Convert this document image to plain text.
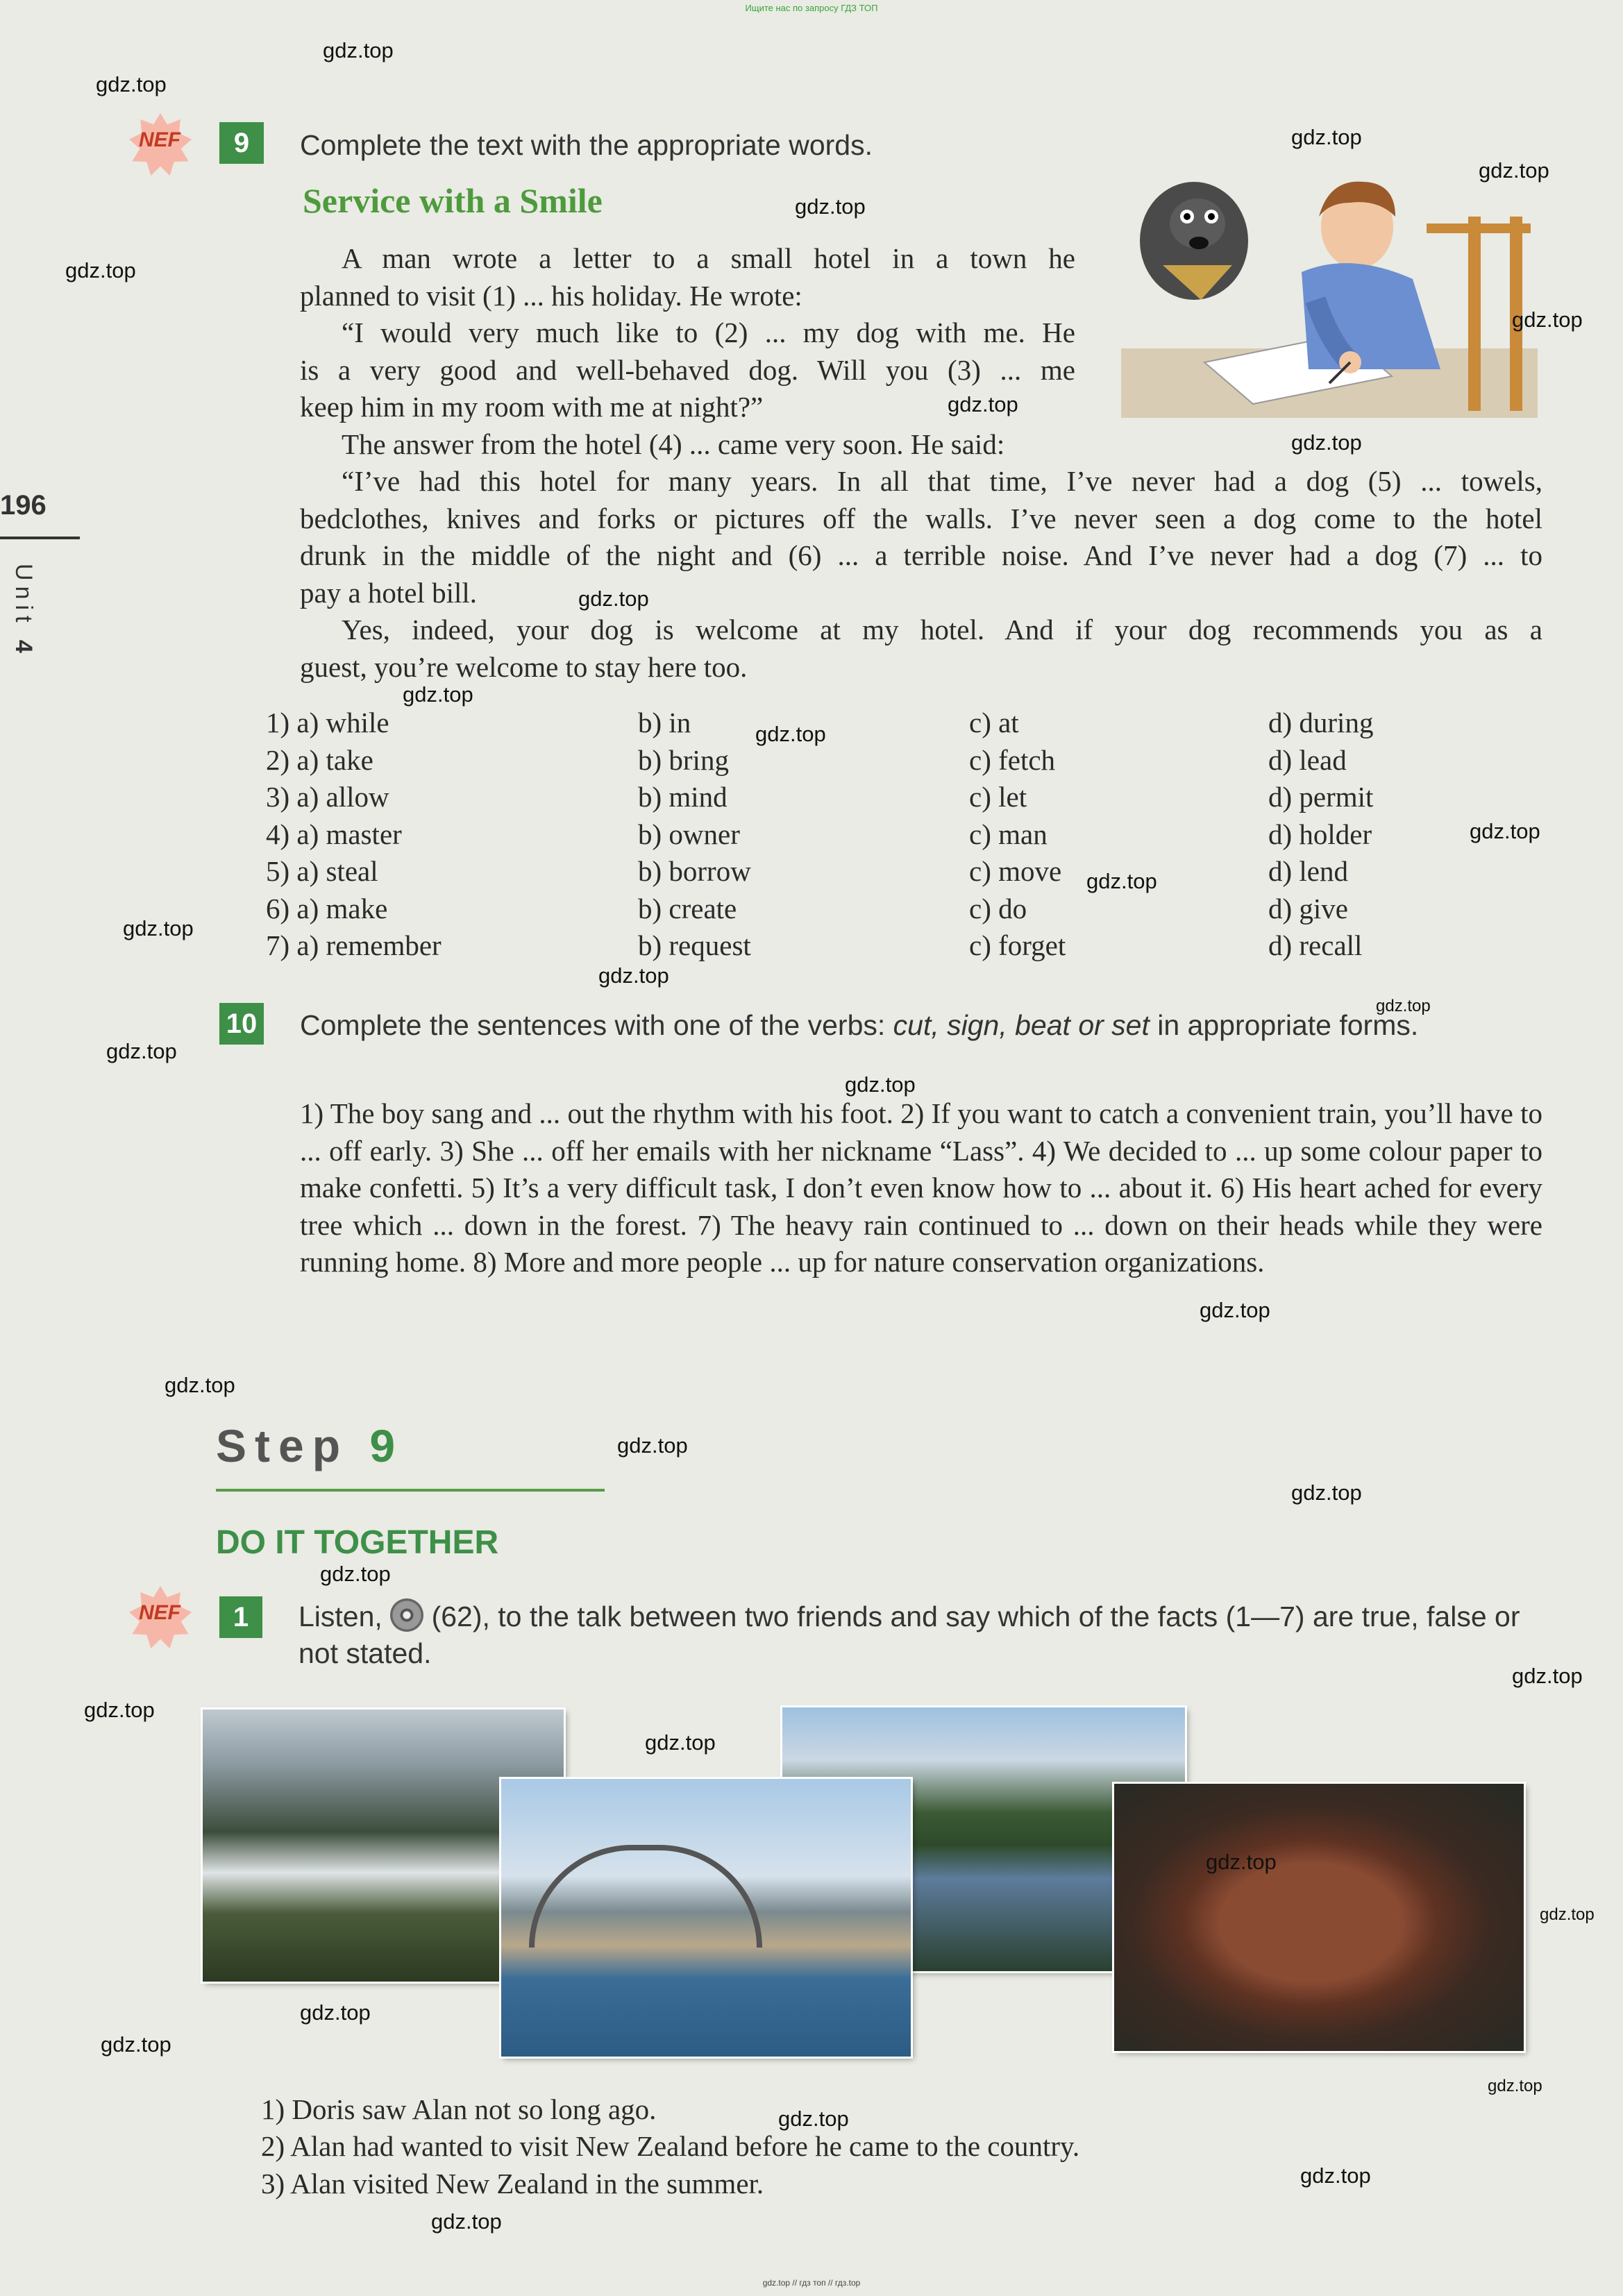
Ищите нас по запросу ГДЗ ТОП
196
Unit 4
NEF	9	Complete the text with the appropriate words.
Service with a Smile
A man wrote a letter to a small hotel in a town he
planned to visit (1) ... his holiday. He wrote:
“I would very much like to (2) ... my dog with me. He
is a very good and well-behaved dog. Will you (3) ... me
keep him in my room with me at night?”
The answer from the hotel (4) ... came very soon. He said:
“I’ve had this hotel for many years. In all that time, I’ve never had a dog (5) ... towels,
bedclothes, knives and forks or pictures off the walls. I’ve never seen a dog come to the hotel
drunk in the middle of the night and (6) ... a terrible noise. And I’ve never had a dog (7) ... to
pay a hotel bill.
Yes, indeed, your dog is welcome at my hotel. And if your dog recommends you as a
guest, you’re welcome to stay here too.
1) a) while	b) in	c) at	d) during
2) a) take	b) bring	c) fetch	d) lead
3) a) allow	b) mind	c) let	d) permit
4) a) master	b) owner	c) man	d) holder
5) a) steal	b) borrow	c) move	d) lend
6) a) make	b) create	c) do	d) give
7) a) remember	b) request	c) forget	d) recall
10 Complete the sentences with one of the verbs: cut, sign, beat or set in appropriate forms.
1) The boy sang and ... out the rhythm with his foot. 2) If you want to catch a convenient train, you’ll have to ... off early. 3) She ... off her emails with her nickname “Lass”. 4) We decided to ... up some colour paper to make confetti. 5) It’s a very difficult task, I don’t even know how to ... about it. 6) His heart ached for every tree which ... down in the forest. 7) The heavy rain continued to ... down on their heads while they were running home. 8) More and more people ... up for nature conservation organizations.
Step 9
DO IT TOGETHER
NEF	1	Listen,  (62), to the talk between two friends and say which of the facts (1—7) are true, false or not stated.
1) Doris saw Alan not so long ago.
2) Alan had wanted to visit New Zealand before he came to the country.
3) Alan visited New Zealand in the summer.
gdz.top
gdz.top
gdz.top
gdz.top
gdz.top
gdz.top
gdz.top
gdz.top
gdz.top
gdz.top
gdz.top
gdz.top
gdz.top
gdz.top
gdz.top
gdz.top
gdz.top
gdz.top
gdz.top
gdz.top
gdz.top
gdz.top
gdz.top
gdz.top
gdz.top
gdz.top
gdz.top
gdz.top
gdz.top
gdz.top
gdz.top
gdz.top
gdz.top
gdz.top
gdz.top
gdz.top // гдз топ // гдз.top
